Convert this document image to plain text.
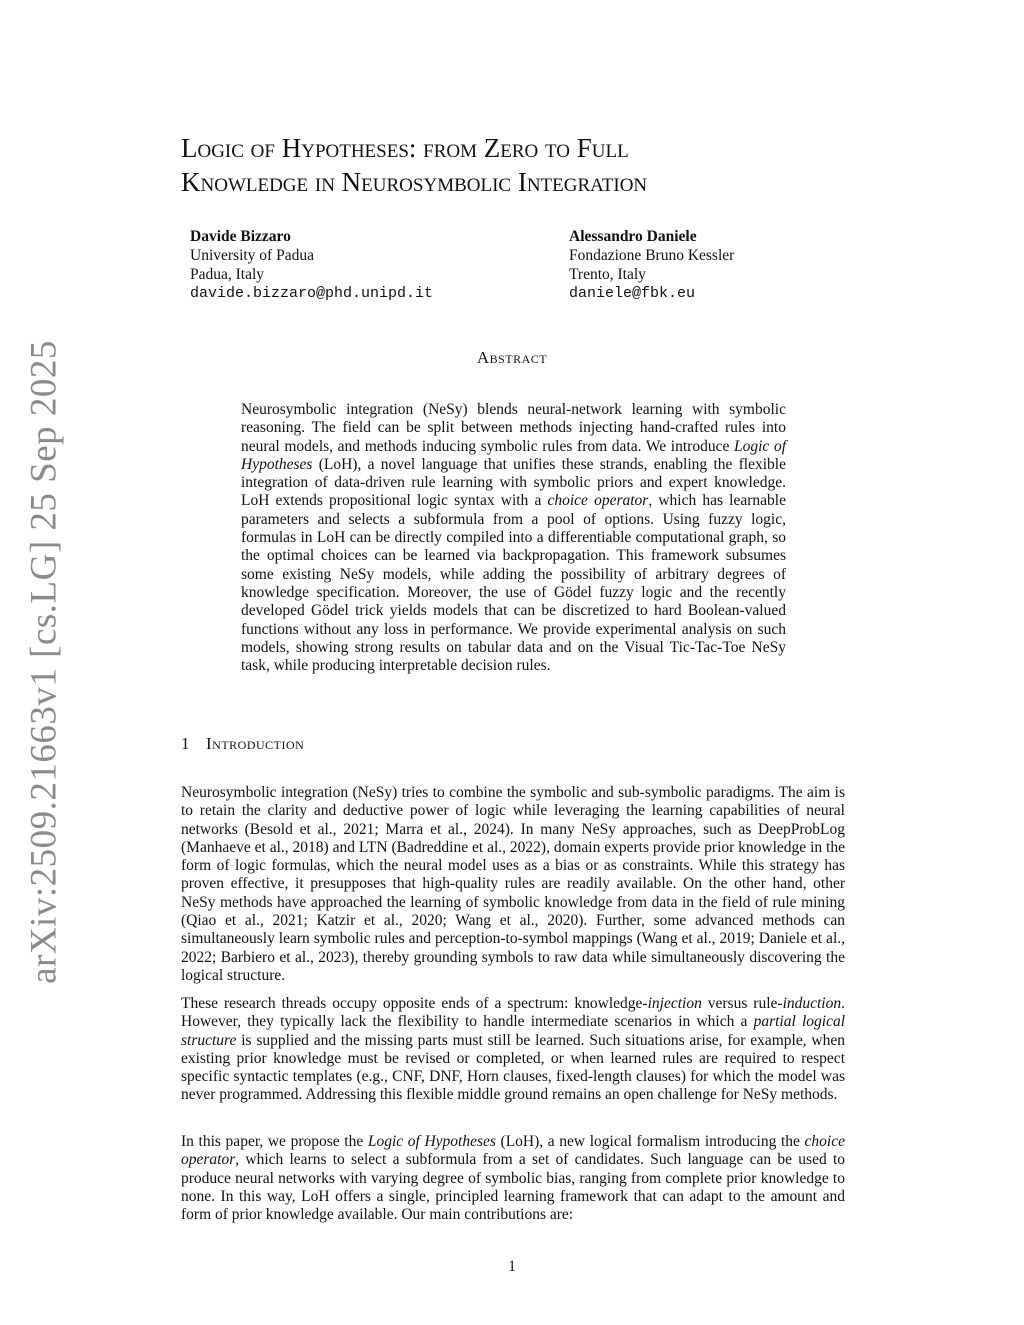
arXiv:2509.21663v1 [cs.LG] 25 Sep 2025
Logic of Hypotheses: from Zero to Full
Knowledge in Neurosymbolic Integration
Davide Bizzaro
University of Padua
Padua, Italy
davide.bizzaro@phd.unipd.it
Alessandro Daniele
Fondazione Bruno Kessler
Trento, Italy
daniele@fbk.eu
Abstract

Neurosymbolic integration (NeSy) blends neural-network learning with symbolic reasoning. The field can be split between methods injecting hand-crafted rules into neural models, and methods inducing symbolic rules from data. We introduce Logic of Hypotheses (LoH), a novel language that unifies these strands, enabling the flexible integration of data-driven rule learning with symbolic priors and expert knowledge. LoH extends propositional logic syntax with a choice operator, which has learnable parameters and selects a subformula from a pool of options. Using fuzzy logic, formulas in LoH can be directly compiled into a differentiable computational graph, so the optimal choices can be learned via backpropagation. This framework subsumes some existing NeSy models, while adding the possibility of arbitrary degrees of knowledge specification. Moreover, the use of Gödel fuzzy logic and the recently developed Gödel trick yields models that can be discretized to hard Boolean-valued functions without any loss in performance. We provide experimental analysis on such models, showing strong results on tabular data and on the Visual Tic-Tac-Toe NeSy task, while producing interpretable decision rules.

1 Introduction

Neurosymbolic integration (NeSy) tries to combine the symbolic and sub-symbolic paradigms. The aim is to retain the clarity and deductive power of logic while leveraging the learning capabilities of neural networks (Besold et al., 2021; Marra et al., 2024). In many NeSy approaches, such as DeepProbLog (Manhaeve et al., 2018) and LTN (Badreddine et al., 2022), domain experts provide prior knowledge in the form of logic formulas, which the neural model uses as a bias or as constraints. While this strategy has proven effective, it presupposes that high-quality rules are readily available. On the other hand, other NeSy methods have approached the learning of symbolic knowledge from data in the field of rule mining (Qiao et al., 2021; Katzir et al., 2020; Wang et al., 2020). Further, some advanced methods can simultaneously learn symbolic rules and perception-to-symbol mappings (Wang et al., 2019; Daniele et al., 2022; Barbiero et al., 2023), thereby grounding symbols to raw data while simultaneously discovering the logical structure.

These research threads occupy opposite ends of a spectrum: knowledge-injection versus rule-induction. However, they typically lack the flexibility to handle intermediate scenarios in which a partial logical structure is supplied and the missing parts must still be learned. Such situations arise, for example, when existing prior knowledge must be revised or completed, or when learned rules are required to respect specific syntactic templates (e.g., CNF, DNF, Horn clauses, fixed-length clauses) for which the model was never programmed. Addressing this flexible middle ground remains an open challenge for NeSy methods.

In this paper, we propose the Logic of Hypotheses (LoH), a new logical formalism introducing the choice operator, which learns to select a subformula from a set of candidates. Such language can be used to produce neural networks with varying degree of symbolic bias, ranging from complete prior knowledge to none. In this way, LoH offers a single, principled learning framework that can adapt to the amount and form of prior knowledge available. Our main contributions are:

1
